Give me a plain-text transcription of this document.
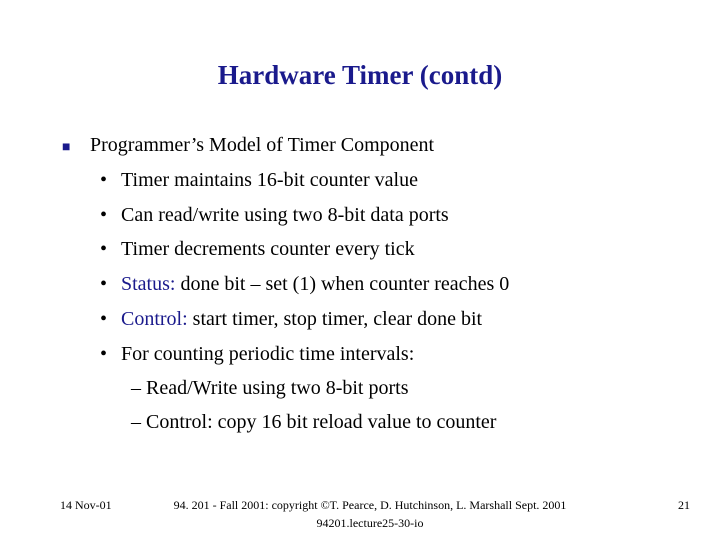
Hardware Timer (contd)
■ Programmer’s Model of Timer Component
• Timer maintains 16-bit counter value
• Can read/write using two 8-bit data ports
• Timer decrements counter every tick
• Status: done bit – set (1) when counter reaches 0
• Control: start timer, stop timer, clear done bit
• For counting periodic time intervals:
– Read/Write using two 8-bit ports
– Control: copy 16 bit reload value to counter
14 Nov-01	94. 201 - Fall 2001: copyright ©T. Pearce, D. Hutchinson, L. Marshall Sept. 2001
94201.lecture25-30-io
21
